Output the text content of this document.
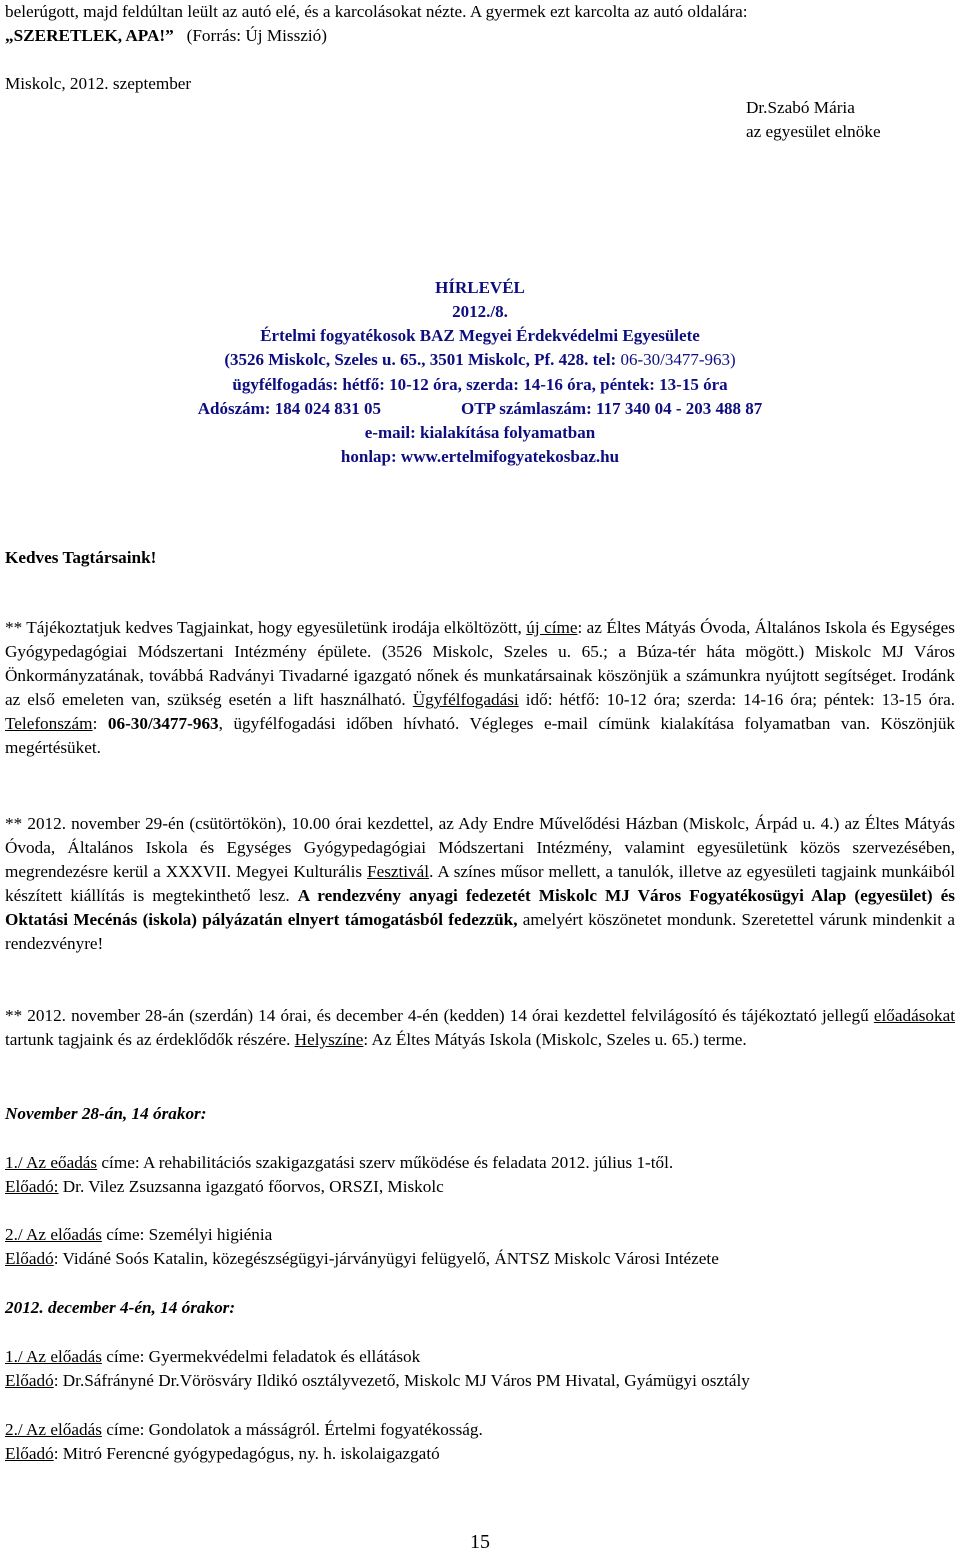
belerúgott, majd feldúltan leült az autó elé, és a karcolásokat nézte. A gyermek ezt karcolta az autó oldalára:

„SZERETLEK, APA!” (Forrás: Új Misszió)

Miskolc, 2012. szeptember

Dr.Szabó Mária

az egyesület elnöke

HÍRLEVÉL

2012./8.

Értelmi fogyatékosok BAZ Megyei Érdekvédelmi Egyesülete

(3526 Miskolc, Szeles u. 65., 3501 Miskolc, Pf. 428. tel: 06-30/3477-963)

ügyfélfogadás: hétfő: 10-12 óra, szerda: 14-16 óra, péntek: 13-15 óra

Adószám: 184 024 831 05	OTP számlaszám: 117 340 04 - 203 488 87

e-mail: kialakítása folyamatban

honlap: www.ertelmifogyatekosbaz.hu

Kedves Tagtársaink!

** Tájékoztatjuk kedves Tagjainkat, hogy egyesületünk irodája elköltözött, új címe: az Éltes Mátyás Óvoda, Általános Iskola és Egységes Gyógypedagógiai Módszertani Intézmény épülete. (3526 Miskolc, Szeles u. 65.; a Búza-tér háta mögött.) Miskolc MJ Város Önkormányzatának, továbbá Radványi Tivadarné igazgató nőnek és munkatársainak köszönjük a számunkra nyújtott segítséget. Irodánk az első emeleten van, szükség esetén a lift használható. Ügyfélfogadási idő: hétfő: 10-12 óra; szerda: 14-16 óra; péntek: 13-15 óra. Telefonszám: 06-30/3477-963, ügyfélfogadási időben hívható. Végleges e-mail címünk kialakítása folyamatban van. Köszönjük megértésüket.

** 2012. november 29-én (csütörtökön), 10.00 órai kezdettel, az Ady Endre Művelődési Házban (Miskolc, Árpád u. 4.) az Éltes Mátyás Óvoda, Általános Iskola és Egységes Gyógypedagógiai Módszertani Intézmény, valamint egyesületünk közös szervezésében, megrendezésre kerül a XXXVII. Megyei Kulturális Fesztivál. A színes műsor mellett, a tanulók, illetve az egyesületi tagjaink munkáiból készített kiállítás is megtekinthető lesz. A rendezvény anyagi fedezetét Miskolc MJ Város Fogyatékosügyi Alap (egyesület) és Oktatási Mecénás (iskola) pályázatán elnyert támogatásból fedezzük, amelyért köszönetet mondunk. Szeretettel várunk mindenkit a rendezvényre!

** 2012. november 28-án (szerdán) 14 órai, és december 4-én (kedden) 14 órai kezdettel felvilágosító és tájékoztató jellegű előadásokat tartunk tagjaink és az érdeklődők részére. Helyszíne: Az Éltes Mátyás Iskola (Miskolc, Szeles u. 65.) terme.

November 28-án, 14 órakor:

1./ Az eőadás címe: A rehabilitációs szakigazgatási szerv működése és feladata 2012. július 1-től.

Előadó: Dr. Vilez Zsuzsanna igazgató főorvos, ORSZI, Miskolc

2./ Az előadás címe: Személyi higiénia

Előadó: Vidáné Soós Katalin, közegészségügyi-járványügyi felügyelő, ÁNTSZ Miskolc Városi Intézete

2012. december 4-én, 14 órakor:

1./ Az előadás címe: Gyermekvédelmi feladatok és ellátások

Előadó: Dr.Sáfrányné Dr.Vörösváry Ildikó osztályvezető, Miskolc MJ Város PM Hivatal, Gyámügyi osztály

2./ Az előadás címe: Gondolatok a másságról. Értelmi fogyatékosság.

Előadó: Mitró Ferencné gyógypedagógus, ny. h. iskolaigazgató

15
